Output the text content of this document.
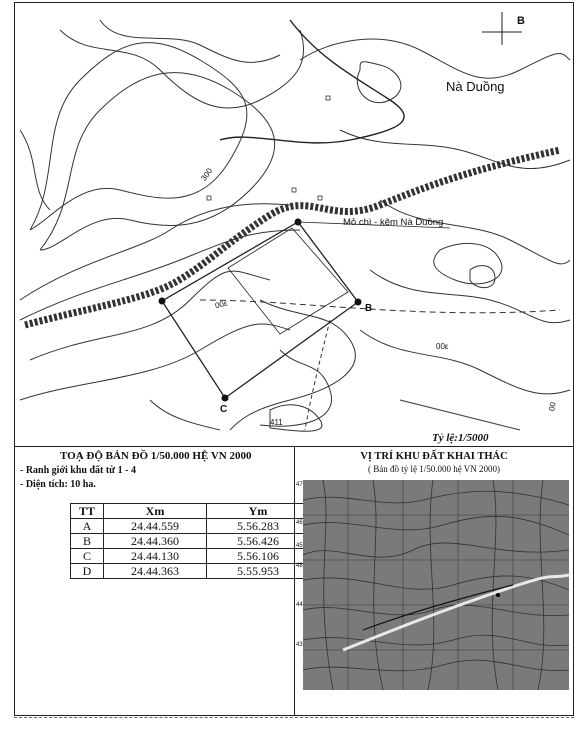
Nà Duồng
B
Mỏ chì - kẽm Nà Duồng
B
C
300
00ε
00ε
411
00
Tỷ lệ:1/5000
TOẠ ĐỘ BẢN ĐỒ 1/50.000 HỆ VN 2000
- Ranh giới khu đất từ 1 - 4
- Diện tích: 10 ha.
TT	Xm	Ym
A	24.44.559	5.56.283
B	24.44.360	5.56.426
C	24.44.130	5.56.106
D	24.44.363	5.55.953
VỊ TRÍ KHU ĐẤT KHAI THÁC
( Bản đồ tỷ lệ 1/50.000 hệ VN 2000)
47
46
45
48
44
43
